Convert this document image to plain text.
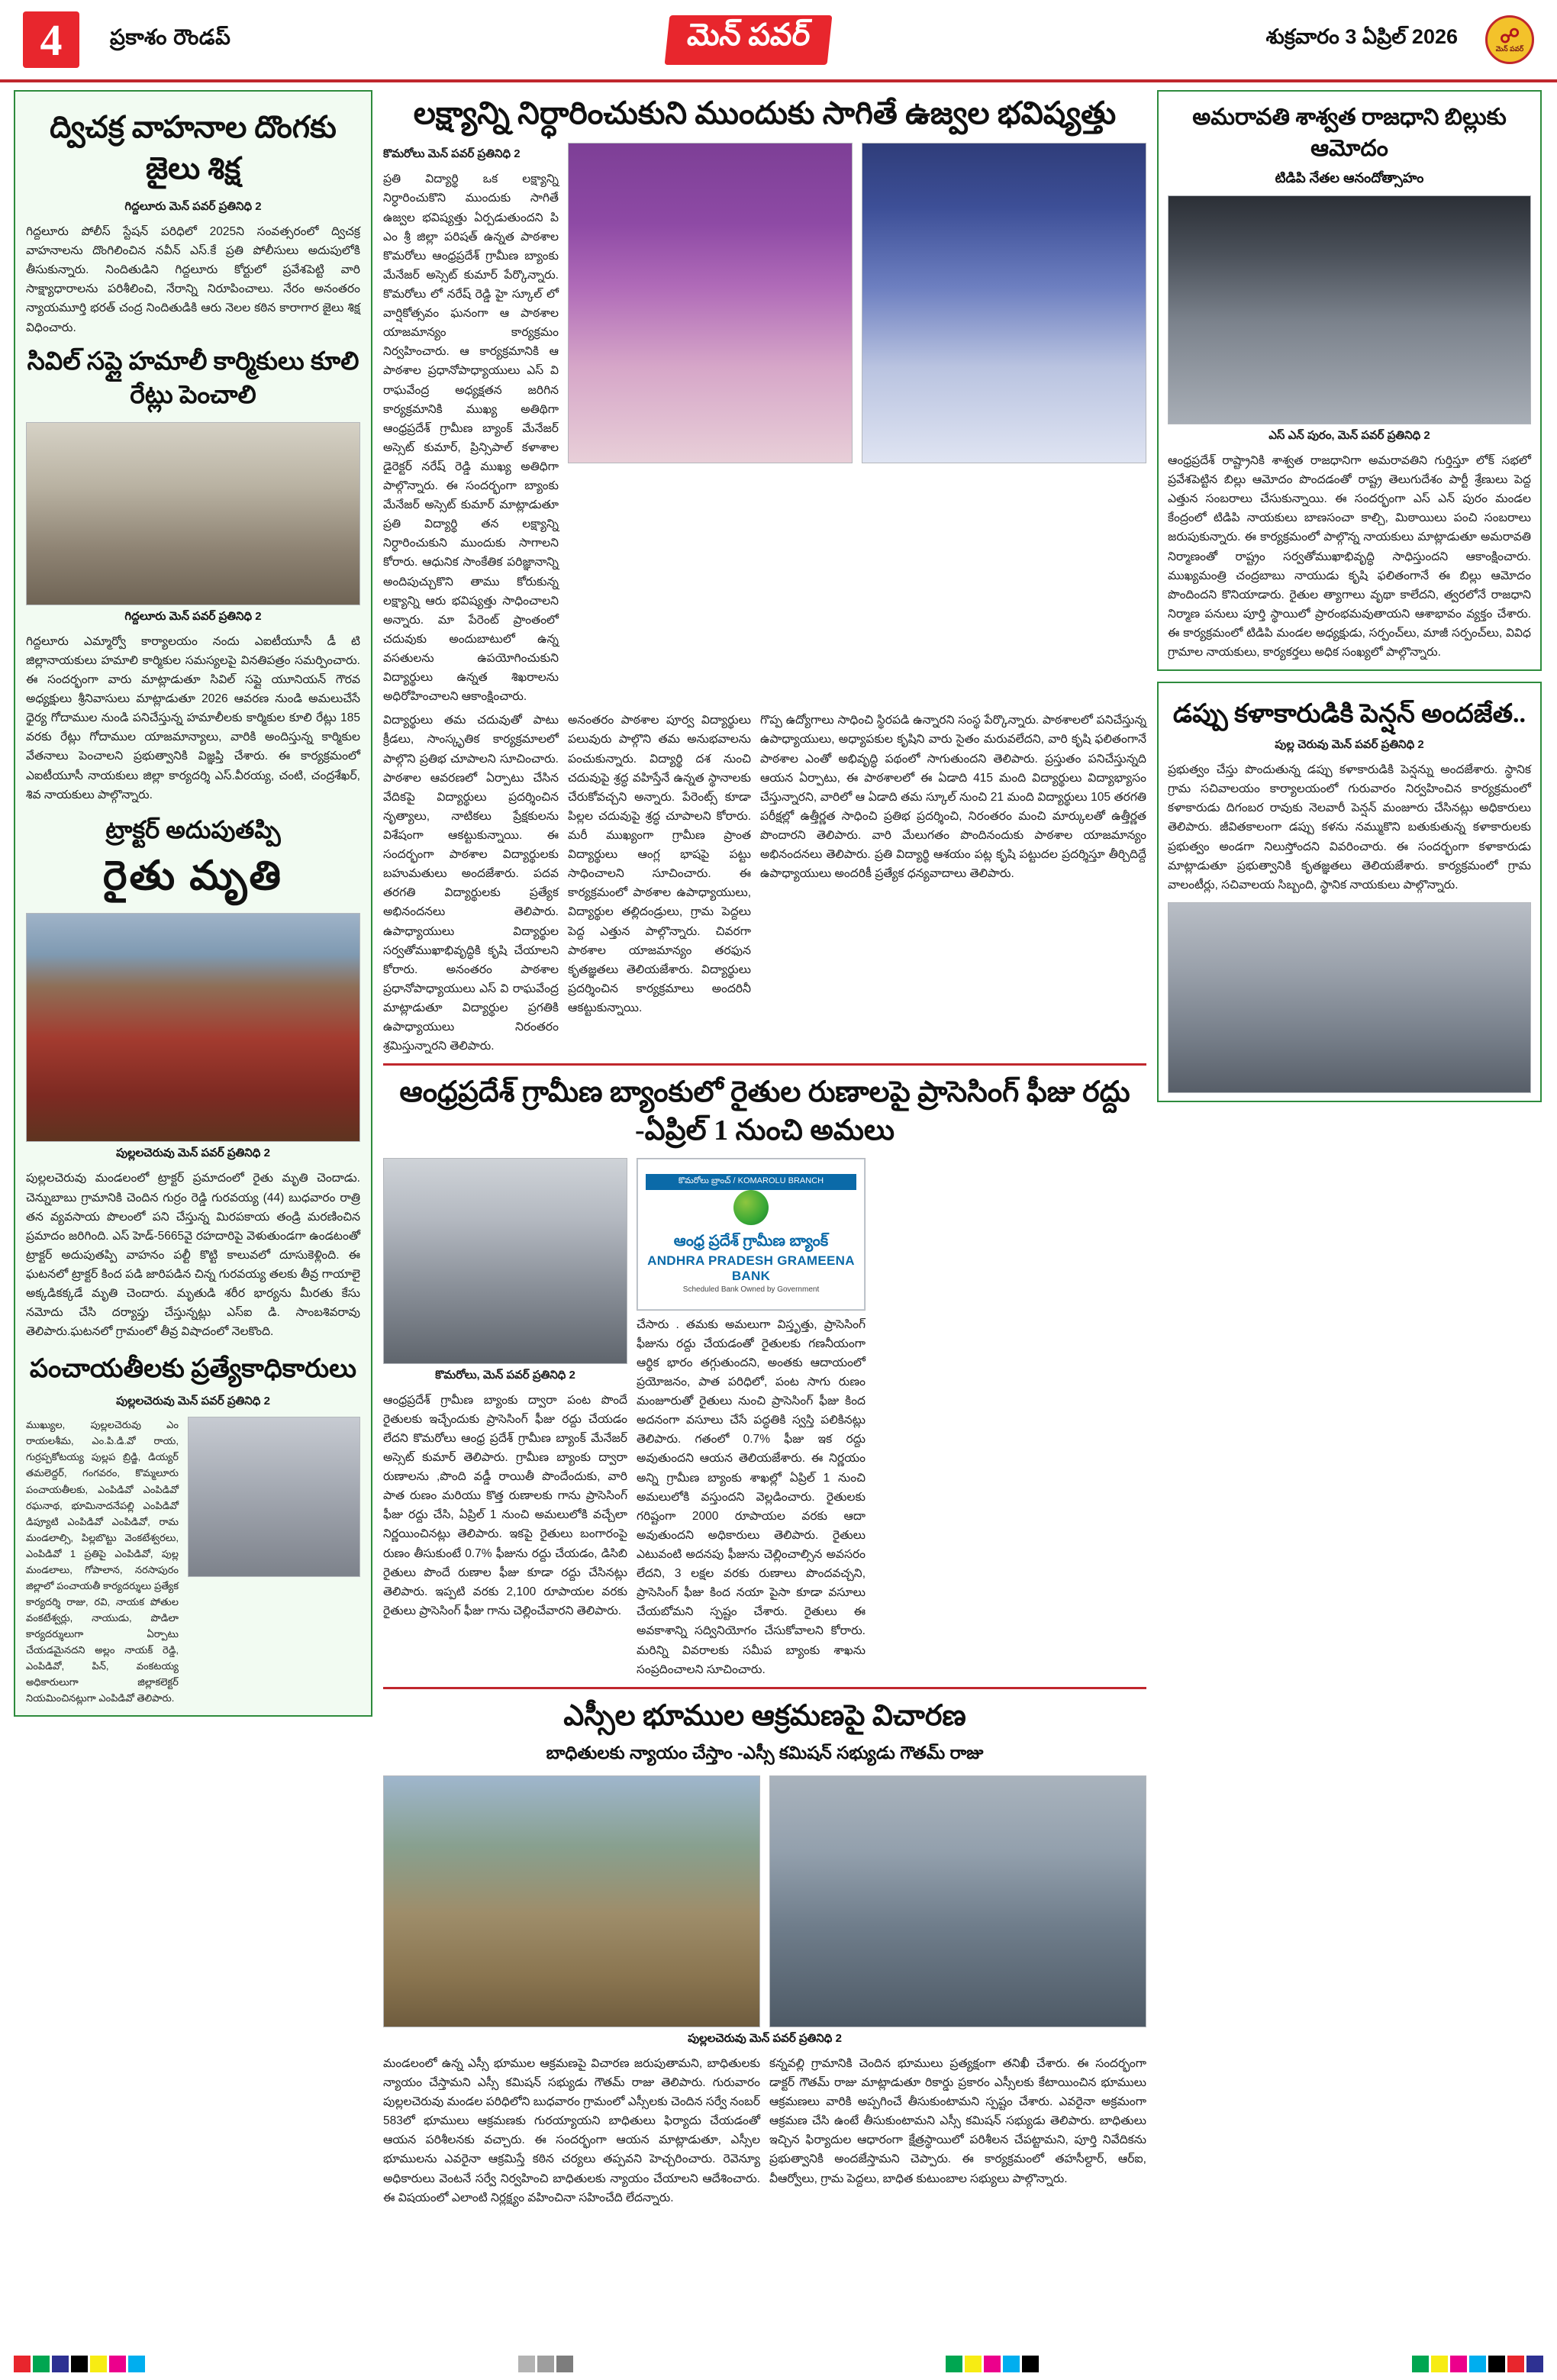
4	ప్రకాశం రౌండప్	మెన్ పవర్	శుక్రవారం 3 ఏప్రిల్ 2026 ☍
మెన్ పవర్
ద్విచక్ర వాహనాల దొంగకు జైలు శిక్ష
గిద్దలూరు మెన్ పవర్ ప్రతినిధి 2
గిద్దలూరు పోలీస్ స్టేషన్ పరిధిలో 2025ని సంవత్సరంలో ద్విచక్ర వాహనాలను దొంగిలించిన నవీన్ ఎస్.కే ప్రతి పోలీసులు అదుపులోకి తీసుకున్నారు. నిందితుడిని గిద్దలూరు కోర్టులో ప్రవేశపెట్టి వారి సాక్ష్యాధారాలను పరిశీలించి, నేరాన్ని నిరూపించాలు. నేరం అనంతరం న్యాయమూర్తి భరత్ చంద్ర నిందితుడికి ఆరు నెలల కఠిన కారాగార జైలు శిక్ష విధించారు.
సివిల్ సప్లై హమాలీ కార్మికులు కూలి రేట్లు పెంచాలి
గిద్దలూరు మెన్ పవర్ ప్రతినిధి 2
గిద్దలూరు ఎమ్మార్వో కార్యాలయం నందు ఎఐటీయూసీ డీ టి జిల్లానాయకులు హమాలి కార్మికుల సమస్యలపై వినతిపత్రం సమర్పించారు. ఈ సందర్భంగా వారు మాట్లాడుతూ సివిల్ సప్లై యూనియన్ గౌరవ అధ్యక్షులు శ్రీనివాసులు మాట్లాడుతూ 2026 ఆవరణ నుండి అమలుచేసే ధైర్య గోదాముల నుండి పనిచేస్తున్న హమాలీలకు కార్మికుల కూలి రేట్లు 185 వరకు రేట్లు గోదాముల యాజమాన్యాలు, వారికి అందిస్తున్న కార్మికుల వేతనాలు పెంచాలని ప్రభుత్వానికి విజ్ఞప్తి చేశారు. ఈ కార్యక్రమంలో ఎఐటీయూసీ నాయకులు జిల్లా కార్యదర్శి ఎస్.వీరయ్య, చంటి, చంద్రశేఖర్, శివ నాయకులు పాల్గొన్నారు.
ట్రాక్టర్ అదుపుతప్పి
రైతు మృతి
పుల్లలచెరువు మెన్ పవర్ ప్రతినిధి 2
పుల్లలచెరువు మండలంలో ట్రాక్టర్ ప్రమాదంలో రైతు మృతి చెందాడు. చెన్నుబాబు గ్రామానికి చెందిన గుర్రం రెడ్డి గురవయ్య (44) బుధవారం రాత్రి తన వ్యవసాయ పొలంలో పని చేస్తున్న మిరపకాయ తండ్రి మరణించిన ప్రమాదం జరిగింది. ఎస్ హెడ్-5665వై రహదారిపై వెళుతుండగా ఉండటంతో ట్రాక్టర్ అదుపుతప్పి వాహనం పల్టీ కొట్టి కాలువలో దూసుకెళ్లింది. ఈ ఘటనలో ట్రాక్టర్ కింద పడి జారిపడిన చిన్న గురవయ్య తలకు తీవ్ర గాయాలై అక్కడికక్కడే మృతి చెందారు. మృతుడి శరీర భార్యను మీరతు కేసు నమోదు చేసి దర్యాప్తు చేస్తున్నట్లు ఎస్ఐ డి. సాంబశివరావు తెలిపారు.ఘటనలో గ్రామంలో తీవ్ర విషాదంలో నెలకొంది.
పంచాయతీలకు ప్రత్యేకాధికారులు
పుల్లలచెరువు మెన్ పవర్ ప్రతినిధి 2
ముఖ్యుల, పుల్లలచెరువు ఎం రాయలశీమ, ఎం.పి.డి.వో రాయ, గుర్రప్పకోటయ్య పుల్లప బ్రిడ్జి, డియ్యర్ తమలెద్దర్, గంగవరం, కొమ్మలూరు పంచాయతీలకు, ఎంపిడివో ఎంపిడివో రఘనాథ, భూమినాదనేపల్లి ఎంపిడివో డిప్యూటి ఎంపిడివో ఎంపిడివో, రామ మండలాల్సి, పిల్లబొట్టు వెంకటేశ్వరలు, ఎంపిడివో 1 ప్రతిపై ఎంపిడివో, పుల్ల మండలాలు, గోపాలాన, నరసాపురం జిల్లాలో పంచాయతీ కార్యదర్శులు ప్రత్యేక కార్యదర్శి రాజు, రవి, నాయక పోతుల వంకటేశ్వర్లు, నాయుడు, పొడిలా కార్యదర్శులుగా ఏర్పాటు చేయడమైనదని అల్లం నాయక్ రెడ్డి, ఎంపిడివో, పిన్, వంకటయ్య అధికారులుగా జిల్లాకలెక్టర్ నియమించినట్లుగా ఎంపిడివో తెలిపారు.
లక్ష్యాన్ని నిర్ధారించుకుని ముందుకు సాగితే ఉజ్వల భవిష్యత్తు
కొమరోలు మెన్ పవర్ ప్రతినిధి 2
ప్రతి విద్యార్థి ఒక లక్ష్యాన్ని నిర్ధారించుకొని ముందుకు సాగితే ఉజ్వల భవిష్యత్తు ఏర్పడుతుందని పి ఎం శ్రీ జిల్లా పరిషత్ ఉన్నత పాఠశాల కొమరోలు ఆంధ్రప్రదేశ్ గ్రామీణ బ్యాంకు మేనేజర్ అస్సెట్ కుమార్ పేర్కొన్నారు. కొమరోలు లో నరేష్ రెడ్డి హై స్కూల్ లో వార్షికోత్సవం ఘనంగా ఆ పాఠశాల యాజమాన్యం కార్యక్రమం నిర్వహించారు. ఆ కార్యక్రమానికి ఆ పాఠశాల ప్రధానోపాధ్యాయులు ఎస్ వి రాఘవేంద్ర అధ్యక్షతన జరిగిన కార్యక్రమానికి ముఖ్య అతిథిగా ఆంధ్రప్రదేశ్ గ్రామీణ బ్యాంక్ మేనేజర్ అస్సెట్ కుమార్, ప్రిన్సిపాల్ కళాశాల డైరెక్టర్ నరేష్ రెడ్డి ముఖ్య అతిధిగా పాల్గొన్నారు. ఈ సందర్భంగా బ్యాంకు మేనేజర్ అస్సెట్ కుమార్ మాట్లాడుతూ ప్రతి విద్యార్థి తన లక్ష్యాన్ని నిర్ధారించుకుని ముందుకు సాగాలని కోరారు. ఆధునిక సాంకేతిక పరిజ్ఞానాన్ని అందిపుచ్చుకొని తాము కోరుకున్న లక్ష్యాన్ని ఆరు భవిష్యత్తు సాధించాలని అన్నారు. మా పేరెంట్ ప్రాంతంలో చదువుకు అందుబాటులో ఉన్న వసతులను ఉపయోగించుకుని విద్యార్థులు ఉన్నత శిఖరాలను అధిరోహించాలని ఆకాంక్షించారు.
విద్యార్థులు తమ చదువుతో పాటు క్రీడలు, సాంస్కృతిక కార్యక్రమాలలో పాల్గొని ప్రతిభ చూపాలని సూచించారు. పాఠశాల ఆవరణలో ఏర్పాటు చేసిన వేదికపై విద్యార్థులు ప్రదర్శించిన నృత్యాలు, నాటికలు ప్రేక్షకులను విశేషంగా ఆకట్టుకున్నాయి. ఈ సందర్భంగా పాఠశాల విద్యార్థులకు బహుమతులు అందజేశారు. పదవ తరగతి విద్యార్థులకు ప్రత్యేక అభినందనలు తెలిపారు. ఉపాధ్యాయులు విద్యార్థుల సర్వతోముఖాభివృద్ధికి కృషి చేయాలని కోరారు. అనంతరం పాఠశాల ప్రధానోపాధ్యాయులు ఎస్ వి రాఘవేంద్ర మాట్లాడుతూ విద్యార్థుల ప్రగతికి ఉపాధ్యాయులు నిరంతరం శ్రమిస్తున్నారని తెలిపారు.
అనంతరం పాఠశాల పూర్వ విద్యార్థులు పలువురు పాల్గొని తమ అనుభవాలను పంచుకున్నారు. విద్యార్థి దశ నుంచి చదువుపై శ్రద్ధ వహిస్తేనే ఉన్నత స్థానాలకు చేరుకోవచ్చని అన్నారు. పేరెంట్స్ కూడా పిల్లల చదువుపై శ్రద్ధ చూపాలని కోరారు. మరీ ముఖ్యంగా గ్రామీణ ప్రాంత విద్యార్థులు ఆంగ్ల భాషపై పట్టు సాధించాలని సూచించారు. ఈ కార్యక్రమంలో పాఠశాల ఉపాధ్యాయులు, విద్యార్థుల తల్లిదండ్రులు, గ్రామ పెద్దలు పెద్ద ఎత్తున పాల్గొన్నారు. చివరగా పాఠశాల యాజమాన్యం తరఫున కృతజ్ఞతలు తెలియజేశారు. విద్యార్థులు ప్రదర్శించిన కార్యక్రమాలు అందరినీ ఆకట్టుకున్నాయి.
గొప్ప ఉద్యోగాలు సాధించి స్థిరపడి ఉన్నారని సంస్థ పేర్కొన్నారు. పాఠశాలలో పనిచేస్తున్న ఉపాధ్యాయులు, అధ్యాపకుల కృషిని వారు సైతం మరువలేదని, వారి కృషి ఫలితంగానే పాఠశాల ఎంతో అభివృద్ధి పథంలో సాగుతుందని తెలిపారు. ప్రస్తుతం పనిచేస్తున్నది ఆయన ఏర్పాటు, ఈ పాఠశాలలో ఈ ఏడాది 415 మంది విద్యార్థులు విద్యాభ్యాసం చేస్తున్నారని, వారిలో ఆ ఏడాది తమ స్కూల్ నుంచి 21 మంది విద్యార్థులు 105 తరగతి పరీక్షల్లో ఉత్తీర్ణత సాధించి ప్రతిభ ప్రదర్శించి, నిరంతరం మంచి మార్కులతో ఉత్తీర్ణత పొందారని తెలిపారు. వారి మేలుగతం పొందినందుకు పాఠశాల యాజమాన్యం అభినందనలు తెలిపారు. ప్రతి విద్యార్థి ఆశయం పట్ల కృషి పట్టుదల ప్రదర్శిస్తూ తీర్చిదిద్దే ఉపాధ్యాయులు అందరికీ ప్రత్యేక ధన్యవాదాలు తెలిపారు.
ఆంధ్రప్రదేశ్ గ్రామీణ బ్యాంకులో రైతుల రుణాలపై ప్రాసెసింగ్ ఫీజు రద్దు -ఏప్రిల్ 1 నుంచి అమలు
కొమరోలు, మెన్ పవర్ ప్రతినిధి 2
ఆంధ్రప్రదేశ్ గ్రామీణ బ్యాంకు ద్వారా పంట పొందే రైతులకు ఇచ్చేందుకు ప్రాసెసింగ్ ఫీజు రద్దు చేయడం లేదని కొమరోలు ఆంధ్ర ప్రదేశ్ గ్రామీణ బ్యాంక్ మేనేజర్ అస్సెట్ కుమార్ తెలిపారు. గ్రామీణ బ్యాంకు ద్వారా రుణాలను ,పొంది వడ్డీ రాయితీ పొందేందుకు, వారి పాత రుణం మరియు కొత్త రుణాలకు గాను ప్రాసెసింగ్ ఫీజు రద్దు చేసి, ఏప్రిల్ 1 నుంచి అమలులోకి వచ్చేలా నిర్ణయించినట్లు తెలిపారు. ఇకపై రైతులు బంగారంపై రుణం తీసుకుంటే 0.7% ఫీజును రద్దు చేయడం, డిసిబి రైతులు పొందే రుణాల ఫీజు కూడా రద్దు చేసినట్లు తెలిపారు. ఇప్పటి వరకు 2,100 రూపాయల వరకు రైతులు ప్రాసెసింగ్ ఫీజు గాను చెల్లించేవారని తెలిపారు.
కొమరోలు బ్రాంచ్ / KOMAROLU BRANCH
ఆంధ్ర ప్రదేశ్ గ్రామీణ బ్యాంక్
ANDHRA PRADESH GRAMEENA BANK
Scheduled Bank Owned by Government
చేసారు . తమకు అమలుగా విస్తృత్తు, ప్రాసెసింగ్ ఫీజును రద్దు చేయడంతో రైతులకు గణనీయంగా ఆర్థిక భారం తగ్గుతుందని, అంతకు ఆదాయంలో ప్రయోజనం, పాత పరిధిలో, పంట సాగు రుణం మంజూరుతో రైతులు నుంచి ప్రాసెసింగ్ ఫీజు కింద అదనంగా వసూలు చేసే పద్ధతికి స్వస్తి పలికినట్లు తెలిపారు. గతంలో 0.7% ఫీజు ఇక రద్దు అవుతుందని ఆయన తెలియజేశారు. ఈ నిర్ణయం అన్ని గ్రామీణ బ్యాంకు శాఖల్లో ఏప్రిల్ 1 నుంచి అమలులోకి వస్తుందని వెల్లడించారు. రైతులకు గరిష్టంగా 2000 రూపాయల వరకు ఆదా అవుతుందని అధికారులు తెలిపారు. రైతులు ఎటువంటి అదనపు ఫీజును చెల్లించాల్సిన అవసరం లేదని, 3 లక్షల వరకు రుణాలు పొందవచ్చని, ప్రాసెసింగ్ ఫీజు కింద నయా పైసా కూడా వసూలు చేయబోమని స్పష్టం చేశారు. రైతులు ఈ అవకాశాన్ని సద్వినియోగం చేసుకోవాలని కోరారు. మరిన్ని వివరాలకు సమీప బ్యాంకు శాఖను సంప్రదించాలని సూచించారు.
ఎస్సీల భూముల ఆక్రమణపై విచారణ
బాధితులకు న్యాయం చేస్తాం -ఎస్సీ కమిషన్ సభ్యుడు గౌతమ్ రాజు
పుల్లలచెరువు మెన్ పవర్ ప్రతినిధి 2
మండలంలో ఉన్న ఎస్సీ భూముల ఆక్రమణపై విచారణ జరుపుతామని, బాధితులకు న్యాయం చేస్తామని ఎస్సీ కమిషన్ సభ్యుడు గౌతమ్ రాజు తెలిపారు. గురువారం పుల్లలచెరువు మండల పరిధిలోని బుధవారం గ్రామంలో ఎస్సీలకు చెందిన సర్వే నంబర్ 583లో భూములు ఆక్రమణకు గురయ్యాయని బాధితులు ఫిర్యాదు చేయడంతో ఆయన పరిశీలనకు వచ్చారు. ఈ సందర్భంగా ఆయన మాట్లాడుతూ, ఎస్సీల భూములను ఎవరైనా ఆక్రమిస్తే కఠిన చర్యలు తప్పవని హెచ్చరించారు. రెవెన్యూ అధికారులు వెంటనే సర్వే నిర్వహించి బాధితులకు న్యాయం చేయాలని ఆదేశించారు. ఈ విషయంలో ఎలాంటి నిర్లక్ష్యం వహించినా సహించేది లేదన్నారు.
కన్నవల్లి గ్రామానికి చెందిన భూములు ప్రత్యక్షంగా తనిఖీ చేశారు. ఈ సందర్భంగా డాక్టర్ గౌతమ్ రాజు మాట్లాడుతూ రికార్డు ప్రకారం ఎస్సీలకు కేటాయించిన భూములు ఆక్రమణలు వారికి అప్పగించే తీసుకుంటామని స్పష్టం చేశారు. ఎవరైనా అక్రమంగా ఆక్రమణ చేసి ఉంటే తీసుకుంటామని ఎస్సీ కమిషన్ సభ్యుడు తెలిపారు. బాధితులు ఇచ్చిన ఫిర్యాదుల ఆధారంగా క్షేత్రస్థాయిలో పరిశీలన చేపట్టామని, పూర్తి నివేదికను ప్రభుత్వానికి అందజేస్తామని చెప్పారు. ఈ కార్యక్రమంలో తహసీల్దార్, ఆర్ఐ, వీఆర్వోలు, గ్రామ పెద్దలు, బాధిత కుటుంబాల సభ్యులు పాల్గొన్నారు.
అమరావతి శాశ్వత రాజధాని బిల్లుకు ఆమోదం
టిడిపి నేతల ఆనందోత్సాహం
ఎస్ ఎన్ పురం, మెన్ పవర్ ప్రతినిధి 2
ఆంధ్రప్రదేశ్ రాష్ట్రానికి శాశ్వత రాజధానిగా అమరావతిని గుర్తిస్తూ లోక్ సభలో ప్రవేశపెట్టిన బిల్లు ఆమోదం పొందడంతో రాష్ట్ర తెలుగుదేశం పార్టీ శ్రేణులు పెద్ద ఎత్తున సంబరాలు చేసుకున్నాయి. ఈ సందర్భంగా ఎస్ ఎన్ పురం మండల కేంద్రంలో టిడిపి నాయకులు బాణసంచా కాల్చి, మిఠాయిలు పంచి సంబరాలు జరుపుకున్నారు. ఈ కార్యక్రమంలో పాల్గొన్న నాయకులు మాట్లాడుతూ అమరావతి నిర్మాణంతో రాష్ట్రం సర్వతోముఖాభివృద్ధి సాధిస్తుందని ఆకాంక్షించారు. ముఖ్యమంత్రి చంద్రబాబు నాయుడు కృషి ఫలితంగానే ఈ బిల్లు ఆమోదం పొందిందని కొనియాడారు. రైతుల త్యాగాలు వృథా కాలేదని, త్వరలోనే రాజధాని నిర్మాణ పనులు పూర్తి స్థాయిలో ప్రారంభమవుతాయని ఆశాభావం వ్యక్తం చేశారు. ఈ కార్యక్రమంలో టిడిపి మండల అధ్యక్షుడు, సర్పంచ్‌లు, మాజీ సర్పంచ్‌లు, వివిధ గ్రామాల నాయకులు, కార్యకర్తలు అధిక సంఖ్యలో పాల్గొన్నారు.
డప్పు కళాకారుడికి పెన్షన్ అందజేత..
పుల్ల చెరువు మెన్ పవర్ ప్రతినిధి 2
ప్రభుత్వం చేస్తు పొందుతున్న డప్పు కళాకారుడికి పెన్షన్ను అందజేశారు. స్థానిక గ్రామ సచివాలయం కార్యాలయంలో గురువారం నిర్వహించిన కార్యక్రమంలో కళాకారుడు దిగంబర రావుకు నెలవారీ పెన్షన్ మంజూరు చేసినట్లు అధికారులు తెలిపారు. జీవితకాలంగా డప్పు కళను నమ్ముకొని బతుకుతున్న కళాకారులకు ప్రభుత్వం అండగా నిలుస్తోందని వివరించారు. ఈ సందర్భంగా కళాకారుడు మాట్లాడుతూ ప్రభుత్వానికి కృతజ్ఞతలు తెలియజేశారు. కార్యక్రమంలో గ్రామ వాలంటీర్లు, సచివాలయ సిబ్బంది, స్థానిక నాయకులు పాల్గొన్నారు.
